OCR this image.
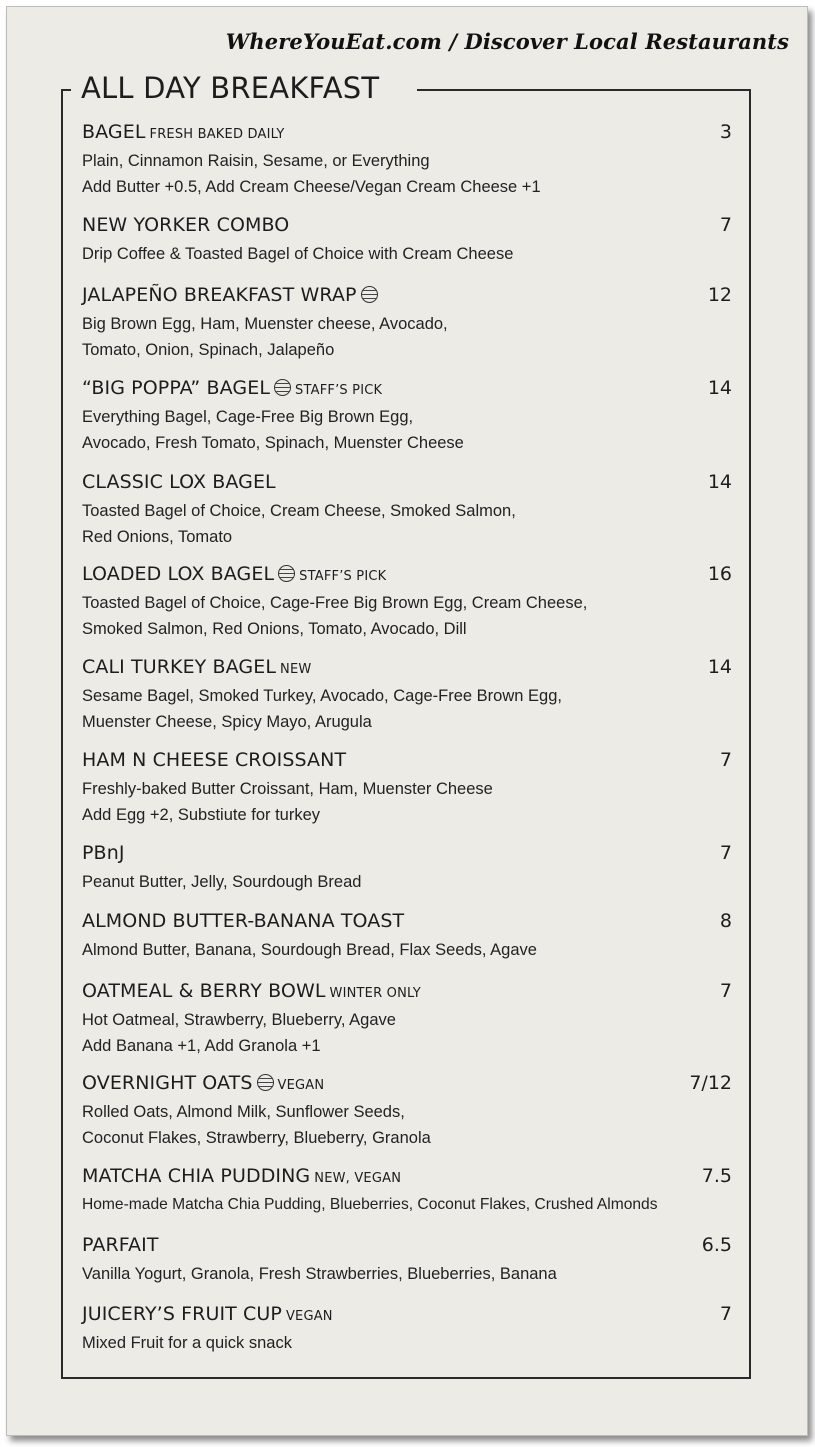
WhereYouEat.com / Discover Local Restaurants
ALL DAY BREAKFAST
BAGEL FRESH BAKED DAILY	3
Plain, Cinnamon Raisin, Sesame, or Everything
Add Butter +0.5, Add Cream Cheese/Vegan Cream Cheese +1
NEW YORKER COMBO	7
Drip Coffee & Toasted Bagel of Choice with Cream Cheese
JALAPEÑO BREAKFAST WRAP	12
Big Brown Egg, Ham, Muenster cheese, Avocado,
Tomato, Onion, Spinach, Jalapeño
“BIG POPPA” BAGEL STAFF’S PICK	14
Everything Bagel, Cage-Free Big Brown Egg,
Avocado, Fresh Tomato, Spinach, Muenster Cheese
CLASSIC LOX BAGEL	14
Toasted Bagel of Choice, Cream Cheese, Smoked Salmon,
Red Onions, Tomato
LOADED LOX BAGEL STAFF’S PICK	16
Toasted Bagel of Choice, Cage-Free Big Brown Egg, Cream Cheese,
Smoked Salmon, Red Onions, Tomato, Avocado, Dill
CALI TURKEY BAGEL NEW	14
Sesame Bagel, Smoked Turkey, Avocado, Cage-Free Brown Egg,
Muenster Cheese, Spicy Mayo, Arugula
HAM N CHEESE CROISSANT	7
Freshly-baked Butter Croissant, Ham, Muenster Cheese
Add Egg +2, Substiute for turkey
PBnJ	7
Peanut Butter, Jelly, Sourdough Bread
ALMOND BUTTER-BANANA TOAST	8
Almond Butter, Banana, Sourdough Bread, Flax Seeds, Agave
OATMEAL & BERRY BOWL WINTER ONLY	7
Hot Oatmeal, Strawberry, Blueberry, Agave
Add Banana +1, Add Granola +1
OVERNIGHT OATS VEGAN	7/12
Rolled Oats, Almond Milk, Sunflower Seeds,
Coconut Flakes, Strawberry, Blueberry, Granola
MATCHA CHIA PUDDING NEW, VEGAN	7.5
Home-made Matcha Chia Pudding, Blueberries, Coconut Flakes, Crushed Almonds
PARFAIT	6.5
Vanilla Yogurt, Granola, Fresh Strawberries, Blueberries, Banana
JUICERY’S FRUIT CUP VEGAN	7
Mixed Fruit for a quick snack
